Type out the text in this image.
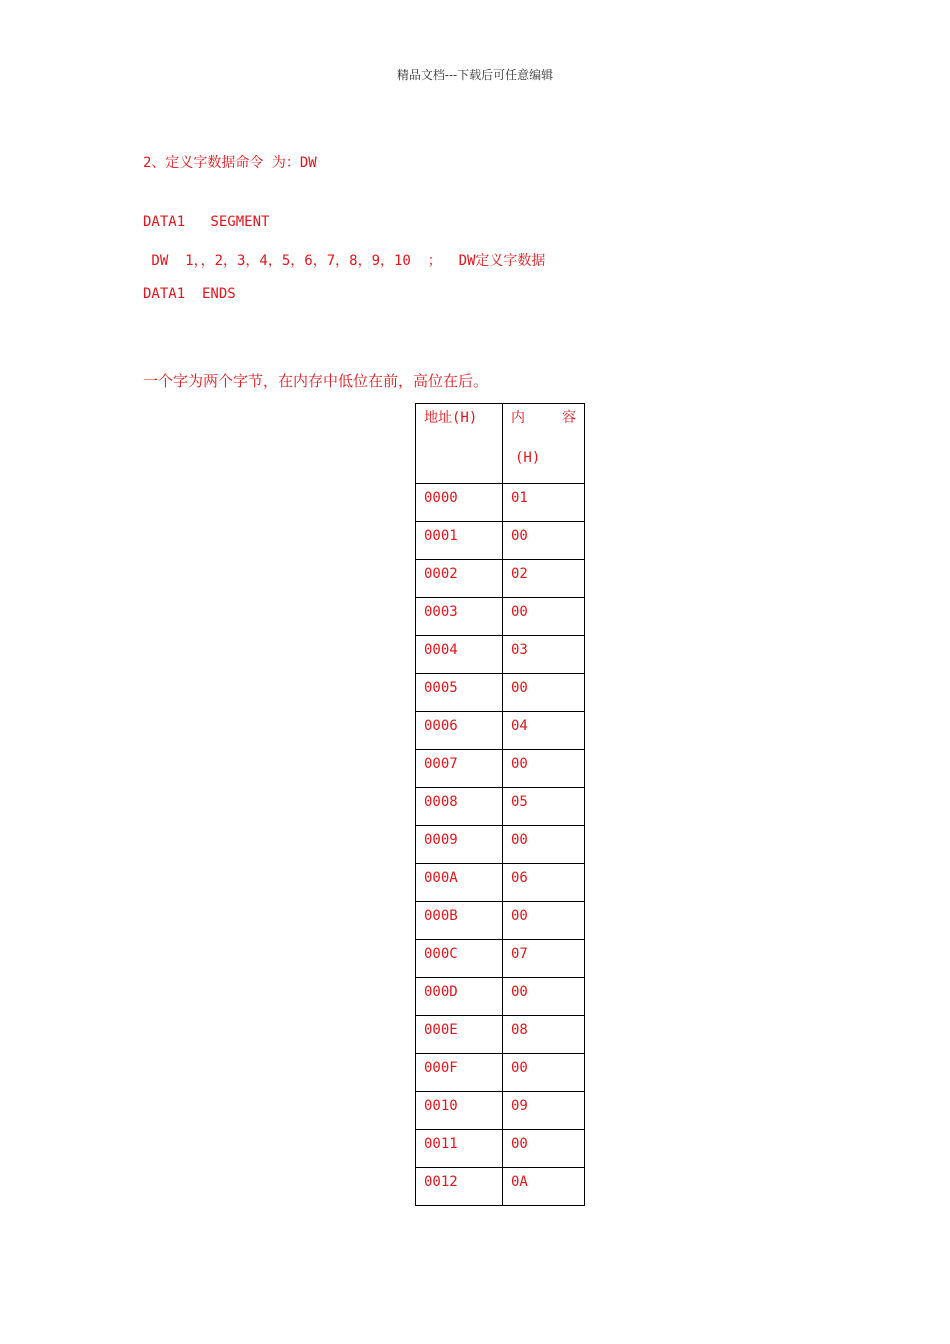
精品文档---下载后可任意编辑
2、定义字数据命令 为：DW
DATA1   SEGMENT
DW  1，，2，3，4，5，6，7，8，9，10  ；  DW定义字数据
DATA1  ENDS
一个字为两个字节，在内存中低位在前，高位在后。
地址(H)	内 容
(H)

0000	01
0001	00
0002	02
0003	00
0004	03
0005	00
0006	04
0007	00
0008	05
0009	00
000A	06
000B	00
000C	07
000D	00
000E	08
000F	00
0010	09
0011	00
0012	0A
